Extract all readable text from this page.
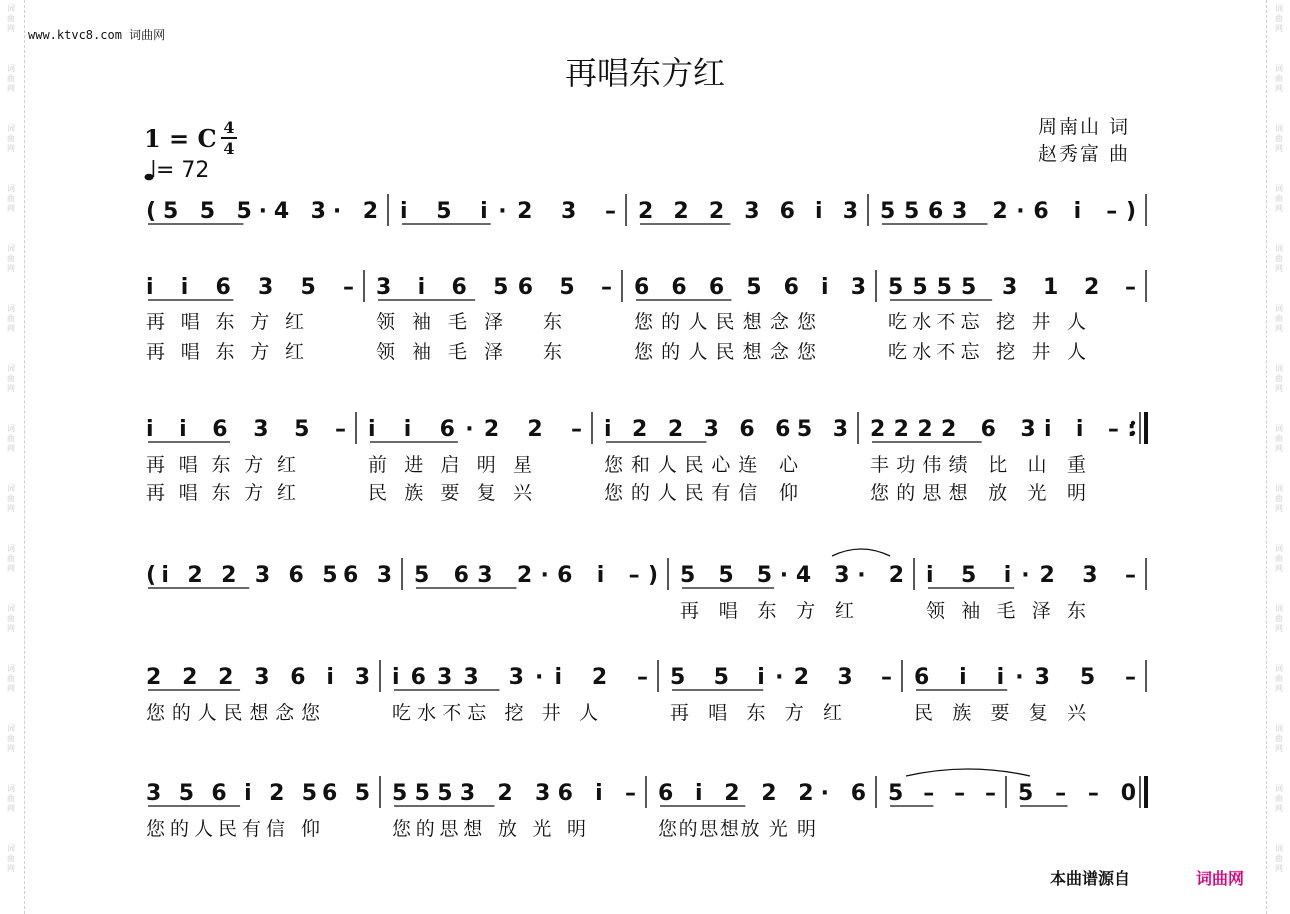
词
曲
网
词
曲
网
词
曲
网
词
曲
网
词
曲
网
词
曲
网
词
曲
网
词
曲
网
词
曲
网
词
曲
网
词
曲
网
词
曲
网
词
曲
网
词
曲
网
词
曲
网
词
曲
网
词
曲
网
词
曲
网
词
曲
网
词
曲
网
词
曲
网
词
曲
网
词
曲
网
词
曲
网
词
曲
网
词
曲
网
词
曲
网
词
曲
网
词
曲
网
词
曲
网
www.ktvc8.com 词曲网
再唱东方红
1 = C 4
4
= 72
周南山 词
赵秀富 曲
(5 5 5·4 3· 2 i 5 i·2 3 – 2 2 2 3 6 i 3 5563 2·6 i –)
i i 6 3 5 – 3 i 6 56 5 – 6 6 6 5 6 i 3 5555 3 1 2 –
再唱东方红	领袖毛泽 东	您的人民想念您	吃水不忘 挖 井 人
再唱东方红	领袖毛泽 东	您的人民想念您	吃水不忘 挖 井 人
i i 6 3 5 – i i 6·2 2 – i 2 2 3 6 65 3 2222 6 3i i –:
再唱东方红	前进启明星	您和人民心连 心	丰功伟绩 比 山 重
再唱东方红	民族要复兴	您的人民有信 仰	您的思想 放 光 明
(i 2 2 3 6 56 3 5 63 2·6 i –) 5 5 5·4 3· 2 i 5 i·2 3 –
再唱东方红	领袖毛泽东
2 2 2 3 6 i 3 i633 3·i 2 – 5 5 i·2 3 – 6 i i·3 5 –
您的人民想念您	吃水不忘 挖 井 人	再唱东方红	民族要复兴
3 5 6 i 2 56 5 5553 2 36 i – 6 i 2 2 2· 6 5 – – – 5 – – 0
您的人民有信 仰	您的思想 放 光 明	您的思想放 光 明
本曲谱源自	词曲网
